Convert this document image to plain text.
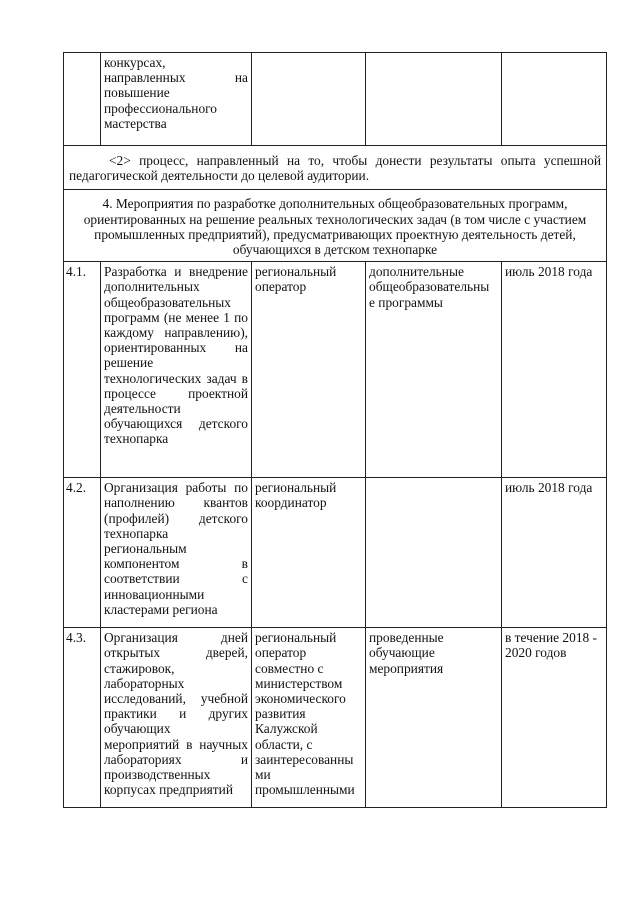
	конкурсах, направленных на повышение профессионального мастерства			
<2> процесс, направленный на то, чтобы донести результаты опыта успешной педагогической деятельности до целевой аудитории.				
4. Мероприятия по разработке дополнительных общеобразовательных программ, ориентированных на решение реальных технологических задач (в том числе с участием промышленных предприятий), предусматривающих проектную деятельность детей, обучающихся в детском технопарке				
4.1.	Разработка и внедрение дополнительных общеобразовательных программ (не менее 1 по каждому направлению), ориентированных на решение технологических задач в процессе проектной деятельности обучающихся детского технопарка	региональный оператор	дополнительные общеобразовательны е программы	июль 2018 года
4.2.	Организация работы по наполнению квантов (профилей) детского технопарка региональным компонентом в соответствии с инновационными кластерами региона	региональный координатор		июль 2018 года
4.3.	Организация дней открытых дверей, стажировок, лабораторных исследований, учебной практики и других обучающих мероприятий в научных лабораториях и производственных корпусах предприятий	региональный оператор совместно с министерством экономического развития Калужской области, с заинтересованны ми промышленными	проведенные обучающие мероприятия	в течение 2018 - 2020 годов
